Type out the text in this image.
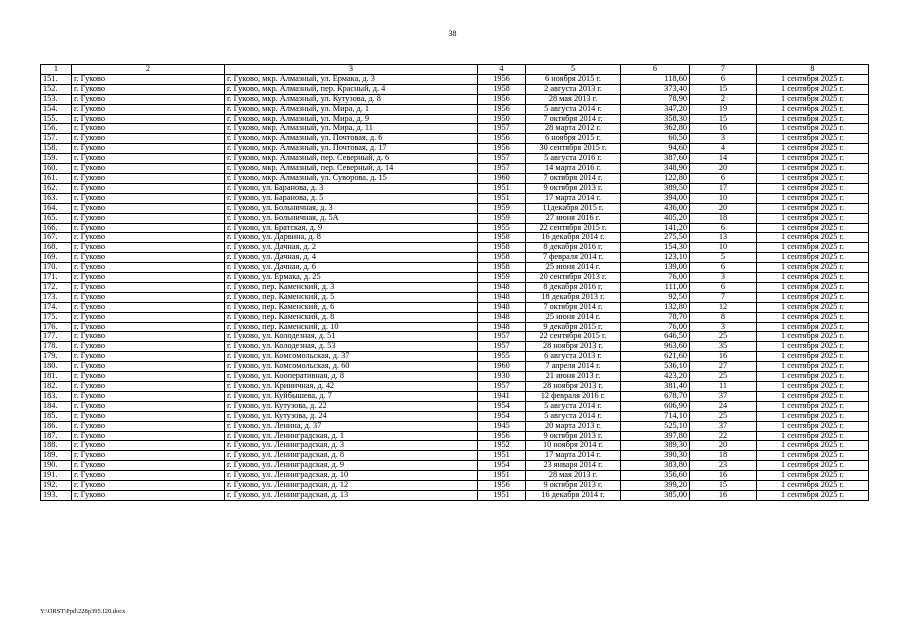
38
1	2	3	4	5	6	7	8
151.	г. Гуково	г. Гуково, мкр. Алмазный, ул. Ермака, д. 3	1956	6 ноября 2015 г.	118,60	6	1 сентября 2025 г.
152.	г. Гуково	г. Гуково, мкр. Алмазный, пер. Красный, д. 4	1958	2 августа 2013 г.	373,40	15	1 сентября 2025 г.
153.	г. Гуково	г. Гуково, мкр. Алмазный, ул. Кутузова, д. 8	1956	28 мая 2013 г.	78,90	2	1 сентября 2025 г.
154.	г. Гуково	г. Гуково, мкр. Алмазный, ул. Мира, д. 1	1956	5 августа 2014 г.	347,20	19	1 сентября 2025 г.
155.	г. Гуково	г. Гуково, мкр. Алмазный, ул. Мира, д. 9	1950	7 октября 2014 г.	358,30	15	1 сентября 2025 г.
156.	г. Гуково	г. Гуково, мкр. Алмазный, ул. Мира, д. 11	1957	28 марта 2012 г.	362,80	16	1 сентября 2025 г.
157.	г. Гуково	г. Гуково, мкр. Алмазный, ул. Почтовая, д. 6	1956	6 ноября 2015 г.	60,50	3	1 сентября 2025 г.
158.	г. Гуково	г. Гуково, мкр. Алмазный, ул. Почтовая, д. 17	1956	30 сентября 2015 г.	94,60	4	1 сентября 2025 г.
159.	г. Гуково	г. Гуково, мкр. Алмазный, пер. Северный, д. 6	1957	5 августа 2016 г.	387,60	14	1 сентября 2025 г.
160.	г. Гуково	г. Гуково, мкр. Алмазный, пер. Северный, д. 14	1957	14 марта 2016 г.	348,90	20	1 сентября 2025 г.
161.	г. Гуково	г. Гуково, мкр. Алмазный, ул. Суворова, д. 15	1960	7 октября 2014 г.	122,80	6	1 сентября 2025 г.
162.	г. Гуково	г. Гуково, ул. Баранова, д. 3	1951	9 октября 2013 г.	389,50	17	1 сентября 2025 г.
163.	г. Гуково	г. Гуково, ул. Баранова, д. 5	1951	17 марта 2014 г.	394,00	10	1 сентября 2025 г.
164.	г. Гуково	г. Гуково, ул. Больничная, д. 3	1959	11декабря 2015 г.	436,00	20	1 сентября 2025 г.
165.	г. Гуково	г. Гуково, ул. Больничная, д. 5А	1959	27 июня 2016 г.	405,20	18	1 сентября 2025 г.
166.	г. Гуково	г. Гуково, ул. Братская, д. 9	1955	22 сентября 2015 г.	141,20	6	1 сентября 2025 г.
167.	г. Гуково	г. Гуково, ул. Дарвина, д. 8	1958	16 декабря 2014 г.	275,50	13	1 сентября 2025 г.
168.	г. Гуково	г. Гуково, ул. Дачная, д. 2	1958	8 декабря 2016 г.	154,30	10	1 сентября 2025 г.
169.	г. Гуково	г. Гуково, ул. Дачная, д. 4	1958	7 февраля 2014 г.	123,10	5	1 сентября 2025 г.
170.	г. Гуково	г. Гуково, ул. Дачная, д. 6	1958	25 июня 2014 г.	139,00	6	1 сентября 2025 г.
171.	г. Гуково	г. Гуково, ул. Ермака, д. 25	1959	20 сентября 2013 г.	76,00	3	1 сентября 2025 г.
172.	г. Гуково	г. Гуково, пер. Каменский, д. 3	1948	8 декабря 2016 г.	111,00	6	1 сентября 2025 г.
173.	г. Гуково	г. Гуково, пер. Каменский, д. 5	1948	18 декабря 2013 г.	92,50	7	1 сентября 2025 г.
174.	г. Гуково	г. Гуково, пер. Каменский, д. 6	1948	7 октября 2014 г.	132,80	12	1 сентября 2025 г.
175.	г. Гуково	г. Гуково, пер. Каменский, д. 8	1948	25 июня 2014 г.	78,70	8	1 сентября 2025 г.
176.	г. Гуково	г. Гуково, пер. Каменский, д. 10	1948	9 декабря 2015 г.	76,00	3	1 сентября 2025 г.
177.	г. Гуково	г. Гуково, ул. Колодезная, д. 51	1957	22 сентября 2015 г.	646,50	25	1 сентября 2025 г.
178.	г. Гуково	г. Гуково, ул. Колодезная, д. 53	1957	28 ноября 2013 г.	963,60	35	1 сентября 2025 г.
179.	г. Гуково	г. Гуково, ул. Комсомольская, д. 37	1955	6 августа 2013 г.	621,60	16	1 сентября 2025 г.
180.	г. Гуково	г. Гуково, ул. Комсомольская, д. 60	1960	7 апреля 2014 г.	536,10	27	1 сентября 2025 г.
181.	г. Гуково	г. Гуково, ул. Кооперативная, д. 8	1930	21 июня 2013 г.	423,20	25	1 сентября 2025 г.
182.	г. Гуково	г. Гуково, ул. Криничная, д. 42	1957	28 ноября 2013 г.	381,40	11	1 сентября 2025 г.
183.	г. Гуково	г. Гуково, ул. Куйбышева, д. 7	1941	12 февраля 2016 г.	678,70	37	1 сентября 2025 г.
184.	г. Гуково	г. Гуково, ул. Кутузова, д. 22	1954	5 августа 2014 г.	606,90	24	1 сентября 2025 г.
185.	г. Гуково	г. Гуково, ул. Кутузова, д. 24	1954	5 августа 2014 г.	714,10	25	1 сентября 2025 г.
186.	г. Гуково	г. Гуково, ул. Ленина, д. 37	1945	20 марта 2013 г.	525,10	37	1 сентября 2025 г.
187.	г. Гуково	г. Гуково, ул. Ленинградская, д. 1	1956	9 октября 2013 г.	397,80	22	1 сентября 2025 г.
188.	г. Гуково	г. Гуково, ул. Ленинградская, д. 3	1952	10 ноября 2014 г.	389,30	20	1 сентября 2025 г.
189.	г. Гуково	г. Гуково, ул. Ленинградская, д. 8	1951	17 марта 2014 г.	390,30	18	1 сентября 2025 г.
190.	г. Гуково	г. Гуково, ул. Ленинградская, д. 9	1954	23 января 2014 г.	383,80	23	1 сентября 2025 г.
191.	г. Гуково	г. Гуково, ул. Ленинградская, д. 10	1951	28 мая 2013 г.	356,60	16	1 сентября 2025 г.
192.	г. Гуково	г. Гуково, ул. Ленинградская, д. 12	1956	9 октября 2013 г.	399,20	15	1 сентября 2025 г.
193.	г. Гуково	г. Гуково, ул. Ленинградская, д. 13	1951	16 декабря 2014 г.	385,00	16	1 сентября 2025 г.
Y:\ORST\Ppd\228p395.f20.docx
